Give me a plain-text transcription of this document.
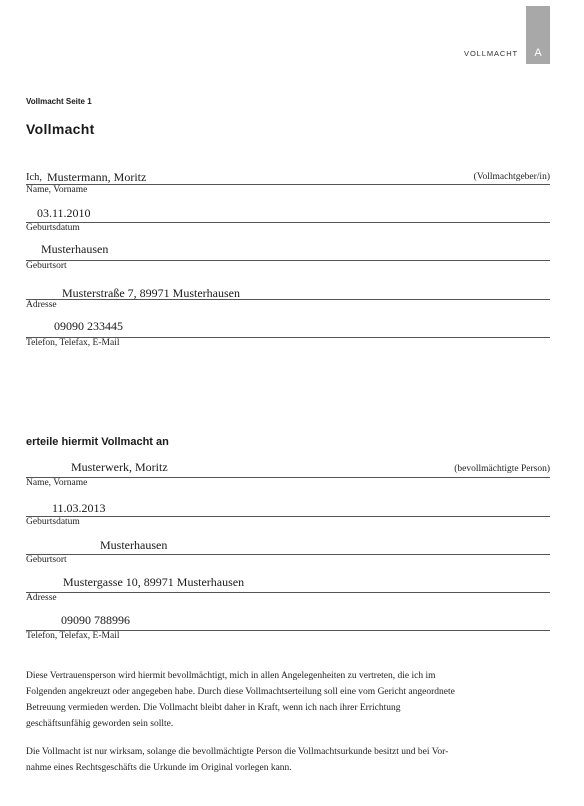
A
VOLLMACHT
Vollmacht Seite 1
Vollmacht
Ich, Mustermann, Moritz	(Vollmachtgeber/in)
Name, Vorname
03.11.2010
Geburtsdatum
Musterhausen
Geburtsort
Musterstraße 7, 89971 Musterhausen
Adresse
09090 233445
Telefon, Telefax, E-Mail
erteile hiermit Vollmacht an
Musterwerk, Moritz	(bevollmächtigte Person)
Name, Vorname
11.03.2013
Geburtsdatum
Musterhausen
Geburtsort
Mustergasse 10, 89971 Musterhausen
Adresse
09090 788996
Telefon, Telefax, E-Mail
Diese Vertrauensperson wird hiermit bevollmächtigt, mich in allen Angelegenheiten zu vertreten, die ich im
Folgenden angekreuzt oder angegeben habe. Durch diese Vollmachtserteilung soll eine vom Gericht angeordnete
Betreuung vermieden werden. Die Vollmacht bleibt daher in Kraft, wenn ich nach ihrer Errichtung
geschäftsunfähig geworden sein sollte.
Die Vollmacht ist nur wirksam, solange die bevollmächtigte Person die Vollmachtsurkunde besitzt und bei Vor-
nahme eines Rechtsgeschäfts die Urkunde im Original vorlegen kann.
